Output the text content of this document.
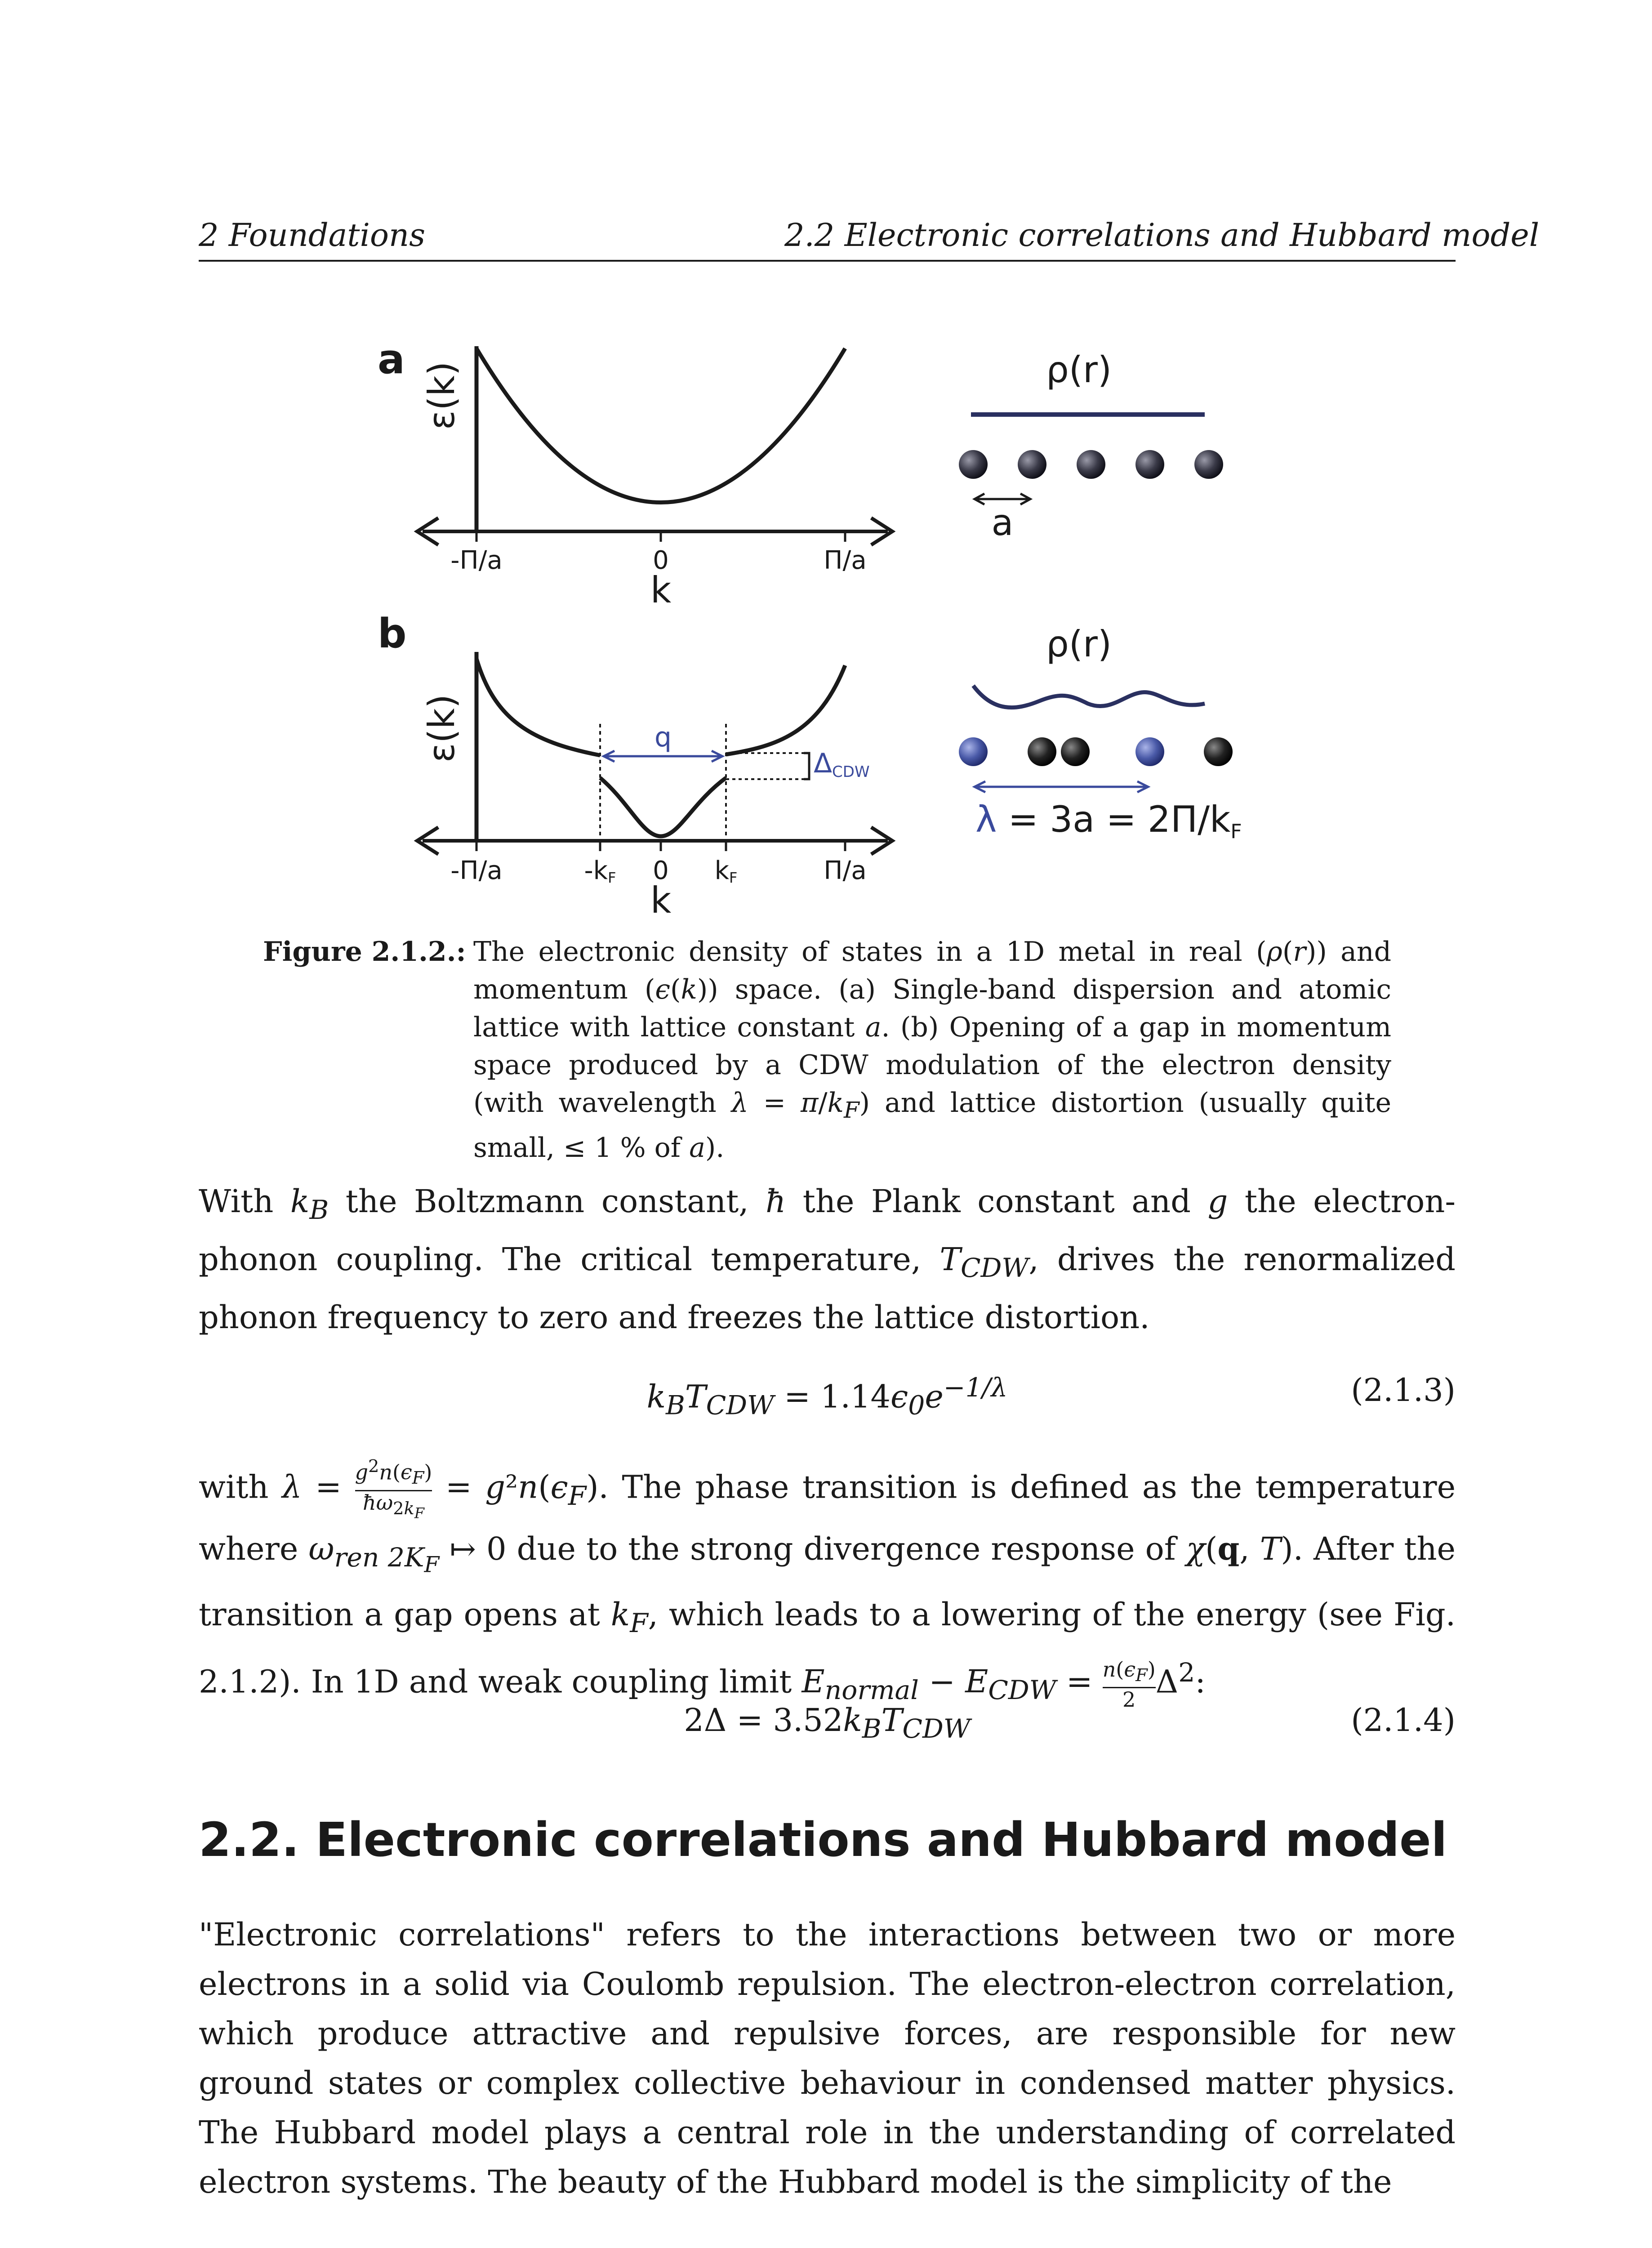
2 Foundations	2.2 Electronic correlations and Hubbard model
a
ε(k)
-Π/a	0	Π/a
k
ρ(r)
a
b
ε(k)	q
ΔCDW
-Π/a	-kF 0 kF	Π/a
k
ρ(r)
λ = 3a = 2Π/kF
Figure 2.1.2.: The electronic density of states in a 1D metal in real (ρ(r)) and momentum (ϵ(k)) space. (a) Single-band dispersion and atomic lattice with lattice constant a. (b) Opening of a gap in momentum space produced by a CDW modulation of the electron density (with wavelength $\lambda = \pi/k_F$) and lattice distortion (usually quite small, ≤ 1 % of a).
With $k_B$ the Boltzmann constant, ħ the Plank constant and g the electron-phonon coupling. The critical temperature, $T_{CDW}$, drives the renormalized phonon frequency to zero and freezes the lattice distortion.
$k_BT_{CDW} = 1.14\epsilon_0e^{-1/\lambda}$	(2.1.3)
with $\lambda = \frac{g^2n(\epsilon_F)}{ħ\omega_{2k_F}} = g^2n(\epsilon_F)$. The phase transition is defined as the temperature where $\omega_{ren 2K_F}$ ↦ 0 due to the strong divergence response of χ(q, T). After the transition a gap opens at $k_F$, which leads to a lowering of the energy (see Fig. 2.1.2). In 1D and weak coupling limit $E_{normal} - E_{CDW} = \frac{n(\epsilon_F)}{2} \Delta^2$:
$2\Delta = 3.52k_BT_{CDW}$	(2.1.4)
2.2. Electronic correlations and Hubbard model
"Electronic correlations" refers to the interactions between two or more electrons in a solid via Coulomb repulsion. The electron-electron correlation, which produce attractive and repulsive forces, are responsible for new ground states or complex collective behaviour in condensed matter physics. The Hubbard model plays a central role in the understanding of correlated electron systems. The beauty of the Hubbard model is the simplicity of the
